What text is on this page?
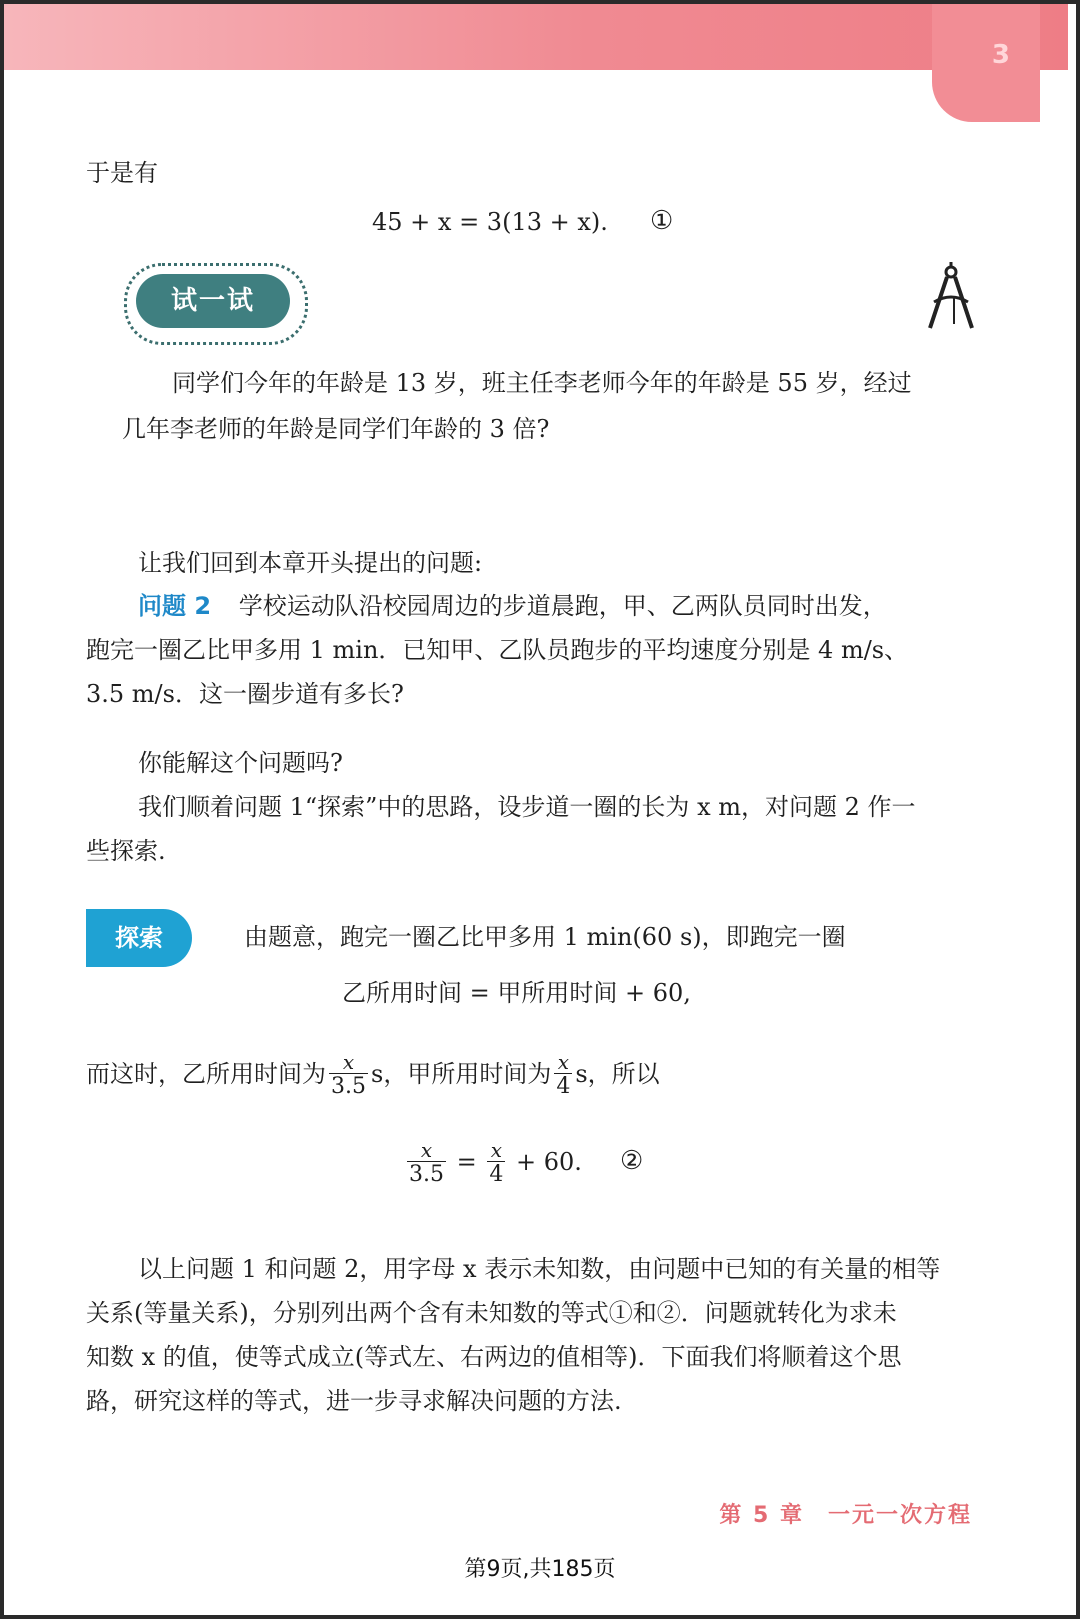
3
于是有
45 + x = 3(13 + x). ①
试一试
同学们今年的年龄是 13 岁，班主任李老师今年的年龄是 55 岁，经过
几年李老师的年龄是同学们年龄的 3 倍?
让我们回到本章开头提出的问题:
问题 2 学校运动队沿校园周边的步道晨跑，甲、乙两队员同时出发，
跑完一圈乙比甲多用 1 min．已知甲、乙队员跑步的平均速度分别是 4 m/s、
3.5 m/s．这一圈步道有多长?
你能解这个问题吗?
我们顺着问题 1“探索”中的思路，设步道一圈的长为 x m，对问题 2 作一
些探索.
探索	由题意，跑完一圈乙比甲多用 1 min(60 s)，即跑完一圈
乙所用时间 = 甲所用时间 + 60,
而这时，乙所用时间为 $\frac{x}{3.5}$ s，甲所用时间为 $\frac{x}{4}$ s，所以
$\frac{x}{3.5} = \frac{x}{4} + 60$. ②
以上问题 1 和问题 2，用字母 x 表示未知数，由问题中已知的有关量的相等
关系(等量关系)，分别列出两个含有未知数的等式①和②．问题就转化为求未
知数 x 的值，使等式成立(等式左、右两边的值相等)．下面我们将顺着这个思
路，研究这样的等式，进一步寻求解决问题的方法.
第 5 章　一元一次方程
第9页,共185页
